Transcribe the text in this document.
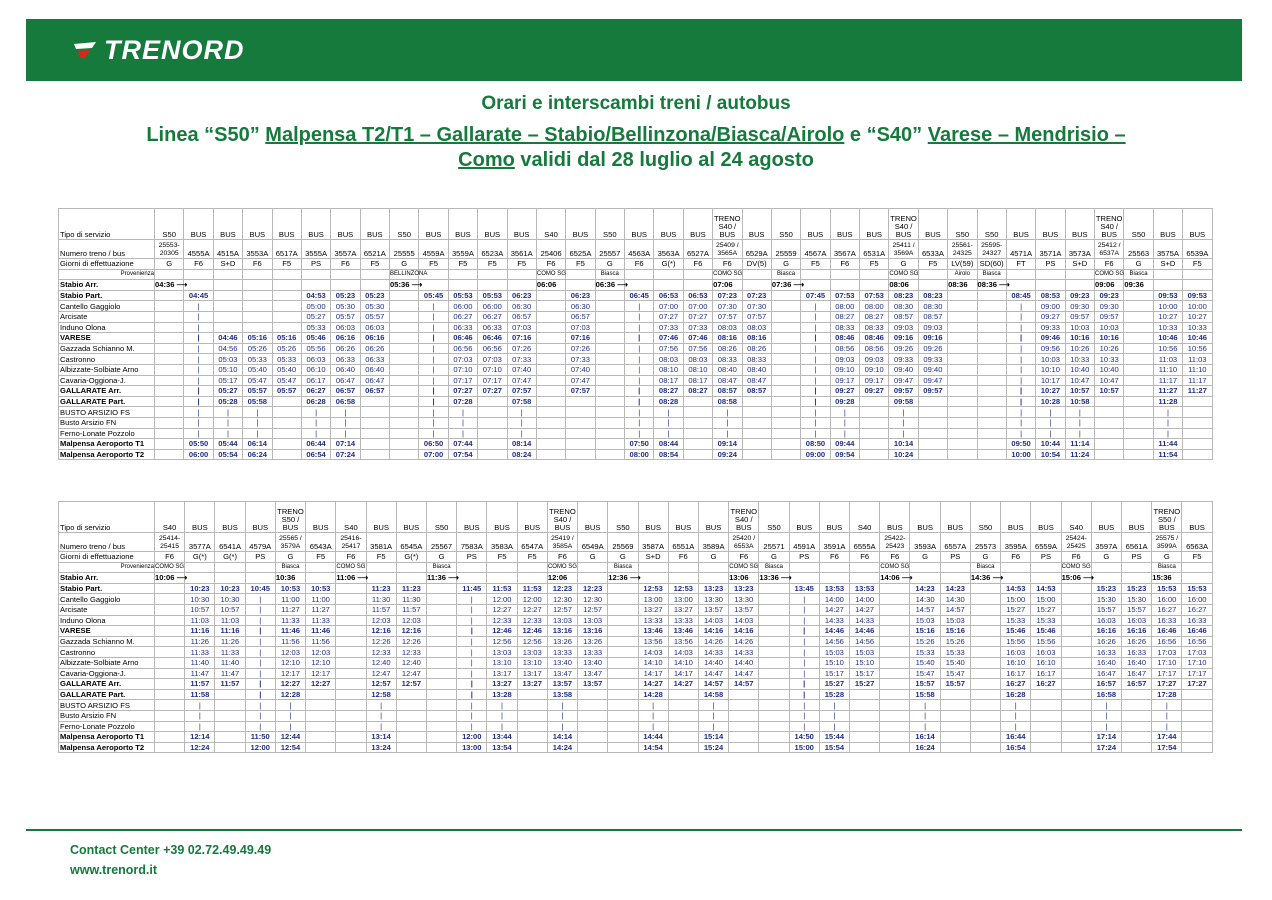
TRENORD
Orari e interscambi treni / autobus
Linea “S50” Malpensa T2/T1 – Gallarate – Stabio/Bellinzona/Biasca/Airolo e “S40” Varese – Mendrisio –
Como validi dal 28 luglio al 24 agosto
Tipo di servizio	S50	BUS	BUS	BUS	BUS	BUS	BUS	BUS	S50	BUS	BUS	BUS	BUS	S40	BUS	S50	BUS	BUS	BUS	TRENO S40 / BUS	BUS	S50	BUS	BUS	BUS	TRENO S40 / BUS	BUS	S50	S50	BUS	BUS	BUS	TRENO S40 / BUS	S50	BUS	BUS
Numero treno / bus	25553-20305	4555A	4515A	3553A	6517A	3555A	3557A	6521A	25555	4559A	3559A	6523A	3561A	25406	6525A	25557	4563A	3563A	6527A	25409 / 3565A	6529A	25559	4567A	3567A	6531A	25411 / 3569A	6533A	25561-24325	25595-24327	4571A	3571A	3573A	25412 / 6537A	25563	3575A	6539A
Giorni di effettuazione	G	F6	S+D	F6	F5	PS	F6	F5	G	F5	F5	F5	F5	F6	F5	G	F6	G(*)	F6	F6	DV(5)	G	F5	F6	F5	G	F5	LV(59)	SD(60)	FT	PS	S+D	F6	G	S+D	F5
Provenienza									BELLINZONA					COMO SG		Biasca				COMO SG		Biasca				COMO SG		Airolo	Biasca				COMO SG	Biasca		
Stabio Arr.	04:36 ⟶								05:36 ⟶					06:06		06:36 ⟶				07:06		07:36 ⟶				08:06		08:36	08:36 ⟶				09:06	09:36		
Stabio Part.		04:45				04:53	05:23	05:23		05:45	05:53	05:53	06:23		06:23		06:45	06:53	06:53	07:23	07:23		07:45	07:53	07:53	08:23	08:23			08:45	08:53	09:23	09:23		09:53	09:53
Cantello Gaggiolo		|				05:00	05:30	05:30		|	06:00	06:00	06:30		06:30		|	07:00	07:00	07:30	07:30		|	08:00	08:00	08:30	08:30			|	09:00	09:30	09:30		10:00	10:00
Arcisate		|				05:27	05:57	05:57		|	06:27	06:27	06:57		06:57		|	07:27	07:27	07:57	07:57		|	08:27	08:27	08:57	08:57			|	09:27	09:57	09:57		10:27	10:27
Induno Olona		|				05:33	06:03	06:03		|	06:33	06:33	07:03		07:03		|	07:33	07:33	08:03	08:03		|	08:33	08:33	09:03	09:03			|	09:33	10:03	10:03		10:33	10:33
VARESE		|	04:46	05:16	05:16	05:46	06:16	06:16		|	06:46	06:46	07:16		07:16		|	07:46	07:46	08:16	08:16		|	08:46	08:46	09:16	09:16			|	09:46	10:16	10:16		10:46	10:46
Gazzada Schianno M.		|	04:56	05:26	05:26	05:56	06:26	06:26		|	06:56	06:56	07:26		07:26		|	07:56	07:56	08:26	08:26		|	08:56	08:56	09:26	09:26			|	09:56	10:26	10:26		10:56	10:56
Castronno		|	05:03	05:33	05:33	06:03	06:33	06:33		|	07:03	07:03	07:33		07:33		|	08:03	08:03	08:33	08:33		|	09:03	09:03	09:33	09:33			|	10:03	10:33	10:33		11:03	11:03
Albizzate-Solbiate Arno		|	05:10	05:40	05:40	06:10	06:40	06:40		|	07:10	07:10	07:40		07:40		|	08:10	08:10	08:40	08:40		|	09:10	09:10	09:40	09:40			|	10:10	10:40	10:40		11:10	11:10
Cavaria-Oggiona-J.		|	05:17	05:47	05:47	06:17	06:47	06:47		|	07:17	07:17	07:47		07:47		|	08:17	08:17	08:47	08:47		|	09:17	09:17	09:47	09:47			|	10:17	10:47	10:47		11:17	11:17
GALLARATE Arr.		|	05:27	05:57	05:57	06:27	06:57	06:57		|	07:27	07:27	07:57		07:57		|	08:27	08:27	08:57	08:57		|	09:27	09:27	09:57	09:57			|	10:27	10:57	10:57		11:27	11:27
GALLARATE Part.		|	05:28	05:58		06:28	06:58			|	07:28		07:58				|	08:28		08:58			|	09:28		09:58				|	10:28	10:58			11:28	
BUSTO ARSIZIO FS		|	|	|		|	|			|	|		|				|	|		|			|	|		|				|	|	|			|	
Busto Arsizio FN		|	|	|		|	|			|	|		|				|	|		|			|	|		|				|	|	|			|	
Ferno-Lonate Pozzolo		|	|	|		|	|			|	|		|				|	|		|			|	|		|				|	|	|			|	
Malpensa Aeroporto T1		05:50	05:44	06:14		06:44	07:14			06:50	07:44		08:14				07:50	08:44		09:14			08:50	09:44		10:14				09:50	10:44	11:14			11:44	
Malpensa Aeroporto T2		06:00	05:54	06:24		06:54	07:24			07:00	07:54		08:24				08:00	08:54		09:24			09:00	09:54		10:24				10:00	10:54	11:24			11:54	
Tipo di servizio	S40	BUS	BUS	BUS	TRENO S50 / BUS	BUS	S40	BUS	BUS	S50	BUS	BUS	BUS	TRENO S40 / BUS	BUS	S50	BUS	BUS	BUS	TRENO S40 / BUS	S50	BUS	BUS	S40	BUS	BUS	BUS	S50	BUS	BUS	S40	BUS	BUS	TRENO S50 / BUS	BUS
Numero treno / bus	25414-25415	3577A	6541A	4579A	25565 / 3579A	6543A	25416-25417	3581A	6545A	25567	7583A	3583A	6547A	25419 / 3585A	6549A	25569	3587A	6551A	3589A	25420 / 6553A	25571	4591A	3591A	6555A	25422-25423	3593A	6557A	25573	3595A	6559A	25424-25425	3597A	6561A	25575 / 3599A	6563A
Giorni di effettuazione	F6	G(*)	G(*)	PS	G	F5	F6	F5	G(*)	G	PS	F5	F5	F6	G	G	S+D	F6	G	F6	G	PS	F6	F6	F6	G	PS	G	F6	PS	F6	G	PS	G	F5
Provenienza	COMO SG				Biasca		COMO SG			Biasca				COMO SG		Biasca				COMO SG	Biasca				COMO SG			Biasca			COMO SG			Biasca	
Stabio Arr.	10:06 ⟶				10:36		11:06 ⟶			11:36 ⟶				12:06		12:36 ⟶				13:06	13:36 ⟶				14:06 ⟶			14:36 ⟶			15:06 ⟶			15:36	
Stabio Part.		10:23	10:23	10:45	10:53	10:53		11:23	11:23		11:45	11:53	11:53	12:23	12:23		12:53	12:53	13:23	13:23		13:45	13:53	13:53		14:23	14:23		14:53	14:53		15:23	15:23	15:53	15:53
Cantello Gaggiolo		10:30	10:30	|	11:00	11:00		11:30	11:30		|	12:00	12:00	12:30	12:30		13:00	13:00	13:30	13:30		|	14:00	14:00		14:30	14:30		15:00	15:00		15:30	15:30	16:00	16:00
Arcisate		10:57	10:57	|	11:27	11:27		11:57	11:57		|	12:27	12:27	12:57	12:57		13:27	13:27	13:57	13:57		|	14:27	14:27		14:57	14:57		15:27	15:27		15:57	15:57	16:27	16:27
Induno Olona		11:03	11:03	|	11:33	11:33		12:03	12:03		|	12:33	12:33	13:03	13:03		13:33	13:33	14:03	14:03		|	14:33	14:33		15:03	15:03		15:33	15:33		16:03	16:03	16:33	16:33
VARESE		11:16	11:16	|	11:46	11:46		12:16	12:16		|	12:46	12:46	13:16	13:16		13:46	13:46	14:16	14:16		|	14:46	14:46		15:16	15:16		15:46	15:46		16:16	16:16	16:46	16:46
Gazzada Schianno M.		11:26	11:26	|	11:56	11:56		12:26	12:26		|	12:56	12:56	13:26	13:26		13:56	13:56	14:26	14:26		|	14:56	14:56		15:26	15:26		15:56	15:56		16:26	16:26	16:56	16:56
Castronno		11:33	11:33	|	12:03	12:03		12:33	12:33		|	13:03	13:03	13:33	13:33		14:03	14:03	14:33	14:33		|	15:03	15:03		15:33	15:33		16:03	16:03		16:33	16:33	17:03	17:03
Albizzate-Solbiate Arno		11:40	11:40	|	12:10	12:10		12:40	12:40		|	13:10	13:10	13:40	13:40		14:10	14:10	14:40	14:40		|	15:10	15:10		15:40	15:40		16:10	16:10		16:40	16:40	17:10	17:10
Cavaria-Oggiona-J.		11:47	11:47	|	12:17	12:17		12:47	12:47		|	13:17	13:17	13:47	13:47		14:17	14:17	14:47	14:47		|	15:17	15:17		15:47	15:47		16:17	16:17		16:47	16:47	17:17	17:17
GALLARATE Arr.		11:57	11:57	|	12:27	12:27		12:57	12:57		|	13:27	13:27	13:57	13:57		14:27	14:27	14:57	14:57		|	15:27	15:27		15:57	15:57		16:27	16:27		16:57	16:57	17:27	17:27
GALLARATE Part.		11:58		|	12:28			12:58			|	13:28		13:58			14:28		14:58			|	15:28			15:58			16:28			16:58		17:28	
BUSTO ARSIZIO FS		|		|	|			|			|	|		|			|		|			|	|			|			|			|		|	
Busto Arsizio FN		|		|	|			|			|	|		|			|		|			|	|			|			|			|		|	
Ferno-Lonate Pozzolo		|		|	|			|			|	|		|			|		|			|	|			|			|			|		|	
Malpensa Aeroporto T1		12:14		11:50	12:44			13:14			12:00	13:44		14:14			14:44		15:14			14:50	15:44			16:14			16:44			17:14		17:44	
Malpensa Aeroporto T2		12:24		12:00	12:54			13:24			13:00	13:54		14:24			14:54		15:24			15:00	15:54			16:24			16:54			17:24		17:54	
Contact Center +39 02.72.49.49.49
www.trenord.it
